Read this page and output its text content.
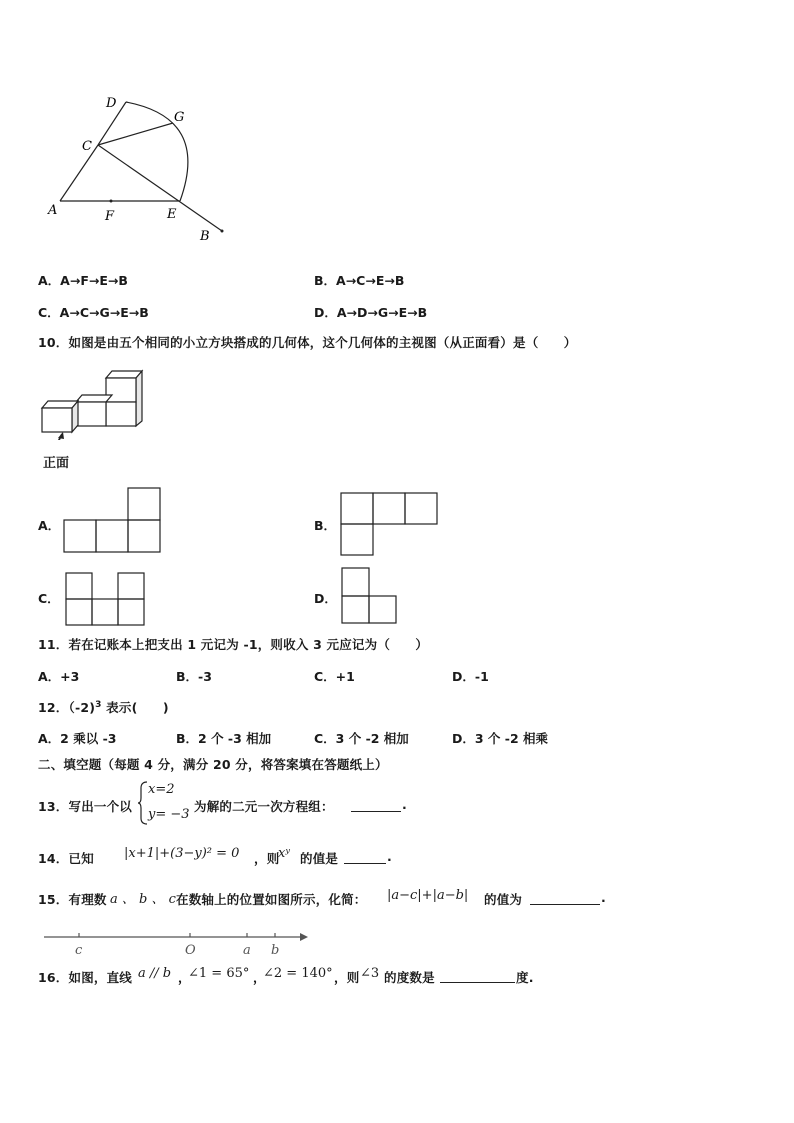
D
G
C
A	F	E
B
A．A→F→E→B	B．A→C→E→B
C．A→C→G→E→B	D．A→D→G→E→B
10．如图是由五个相同的小立方块搭成的几何体，这个几何体的主视图（从正面看）是（　　）
正面
A．	B．
C．	D．
11．若在记账本上把支出 1 元记为 -1，则收入 3 元应记为（　　）
A．+3	B．-3	C．+1	D．-1
12．（-2)$^3$ 表示(　　)
A．2 乘以 -3	B．2 个 -3 相加	C．3 个 -2 相加	D．3 个 -2 相乘
二、填空题（每题 4 分，满分 20 分，将答案填在答题纸上）
13．写出一个以
x=2
y= −3
为解的二元一次方程组：	.
14．已知 |x+1|+(3−y)² = 0 ，则
xʸ 的值是	.
15．有理数 a 、 b 、 c 在数轴上的位置如图所示，化简： |a−c|+|a−b| 的值为	.
c	O	a b
16．如图，直线 a // b ，
∠1 = 65° ，
∠2 = 140° ，则 ∠3 的度数是	度.
